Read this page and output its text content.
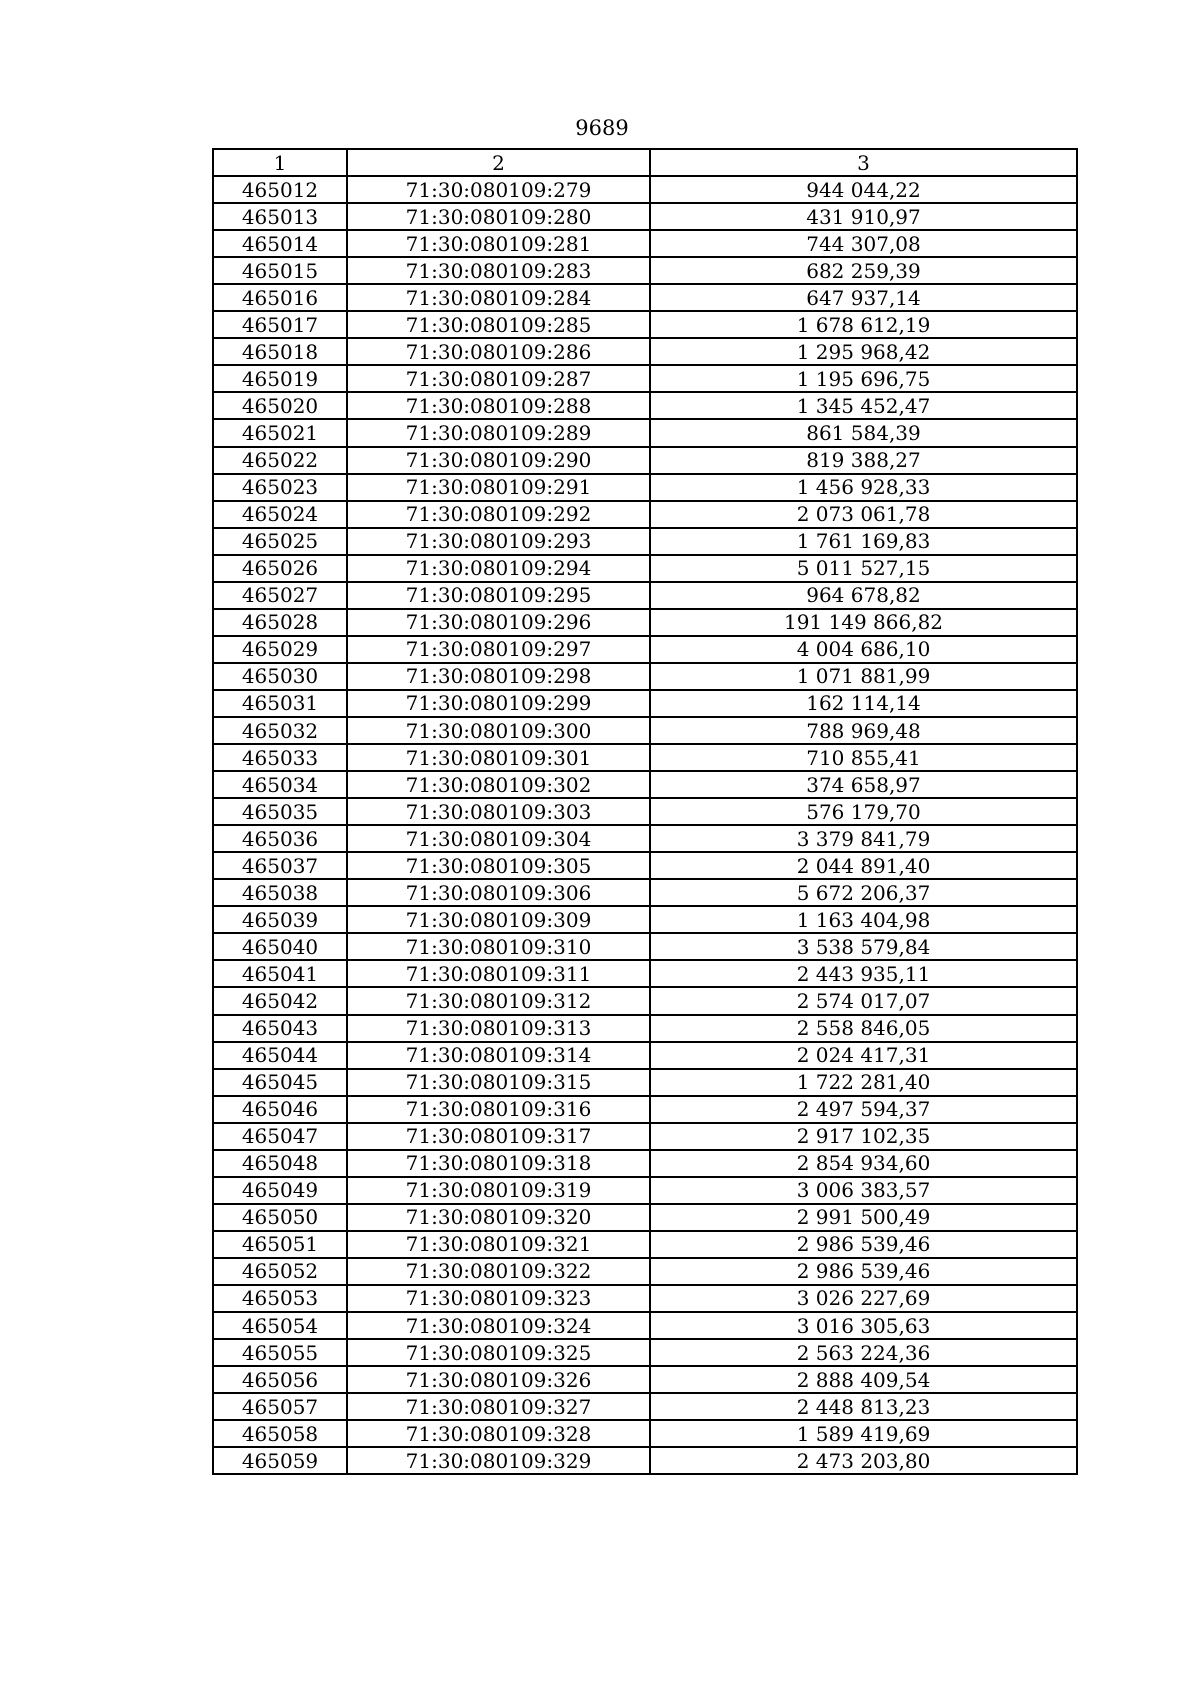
9689
1	2	3
465012	71:30:080109:279	944 044,22
465013	71:30:080109:280	431 910,97
465014	71:30:080109:281	744 307,08
465015	71:30:080109:283	682 259,39
465016	71:30:080109:284	647 937,14
465017	71:30:080109:285	1 678 612,19
465018	71:30:080109:286	1 295 968,42
465019	71:30:080109:287	1 195 696,75
465020	71:30:080109:288	1 345 452,47
465021	71:30:080109:289	861 584,39
465022	71:30:080109:290	819 388,27
465023	71:30:080109:291	1 456 928,33
465024	71:30:080109:292	2 073 061,78
465025	71:30:080109:293	1 761 169,83
465026	71:30:080109:294	5 011 527,15
465027	71:30:080109:295	964 678,82
465028	71:30:080109:296	191 149 866,82
465029	71:30:080109:297	4 004 686,10
465030	71:30:080109:298	1 071 881,99
465031	71:30:080109:299	162 114,14
465032	71:30:080109:300	788 969,48
465033	71:30:080109:301	710 855,41
465034	71:30:080109:302	374 658,97
465035	71:30:080109:303	576 179,70
465036	71:30:080109:304	3 379 841,79
465037	71:30:080109:305	2 044 891,40
465038	71:30:080109:306	5 672 206,37
465039	71:30:080109:309	1 163 404,98
465040	71:30:080109:310	3 538 579,84
465041	71:30:080109:311	2 443 935,11
465042	71:30:080109:312	2 574 017,07
465043	71:30:080109:313	2 558 846,05
465044	71:30:080109:314	2 024 417,31
465045	71:30:080109:315	1 722 281,40
465046	71:30:080109:316	2 497 594,37
465047	71:30:080109:317	2 917 102,35
465048	71:30:080109:318	2 854 934,60
465049	71:30:080109:319	3 006 383,57
465050	71:30:080109:320	2 991 500,49
465051	71:30:080109:321	2 986 539,46
465052	71:30:080109:322	2 986 539,46
465053	71:30:080109:323	3 026 227,69
465054	71:30:080109:324	3 016 305,63
465055	71:30:080109:325	2 563 224,36
465056	71:30:080109:326	2 888 409,54
465057	71:30:080109:327	2 448 813,23
465058	71:30:080109:328	1 589 419,69
465059	71:30:080109:329	2 473 203,80
